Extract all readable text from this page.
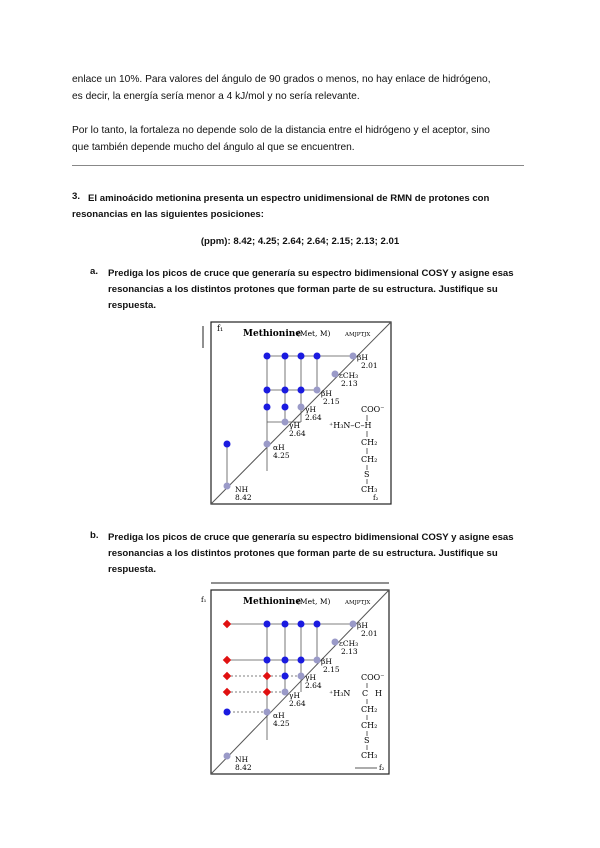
enlace un 10%. Para valores del ángulo de 90 grados o menos, no hay enlace de hidrógeno,
es decir, la energía sería menor a 4 kJ/mol y no sería relevante.
Por lo tanto, la fortaleza no depende solo de la distancia entre el hidrógeno y el aceptor, sino
que también depende mucho del ángulo al que se encuentren.
3. El aminoácido metionina presenta un espectro unidimensional de RMN de protones con
resonancias en las siguientes posiciones:
(ppm): 8.42; 4.25; 2.64; 2.64; 2.15; 2.13; 2.01
a. Prediga los picos de cruce que generaría su espectro bidimensional COSY y asigne esas
resonancias a los distintos protones que forman parte de su estructura. Justifique su
respuesta.
f₁
Methionine
(Met, M)	AMJPTJX
βH
2.01
εCH₃
2.13
βH
2.15
γH
2.64
γH
2.64
αH
4.25
NH
8.42
COO⁻
⁺H₃N–C–H
CH₂
CH₂
S
CH₃
f₂
b. Prediga los picos de cruce que generaría su espectro bidimensional COSY y asigne esas
resonancias a los distintos protones que forman parte de su estructura. Justifique su
respuesta.
f₁	Methionine
(Met, M)	AMJPTJX
βH
2.01
εCH₃
2.13
βH
2.15
γH
2.64
γH
2.64
αH
4.25
NH
8.42
COO⁻
⁺H₃N C H
CH₂
CH₂
S
CH₃
f₂
